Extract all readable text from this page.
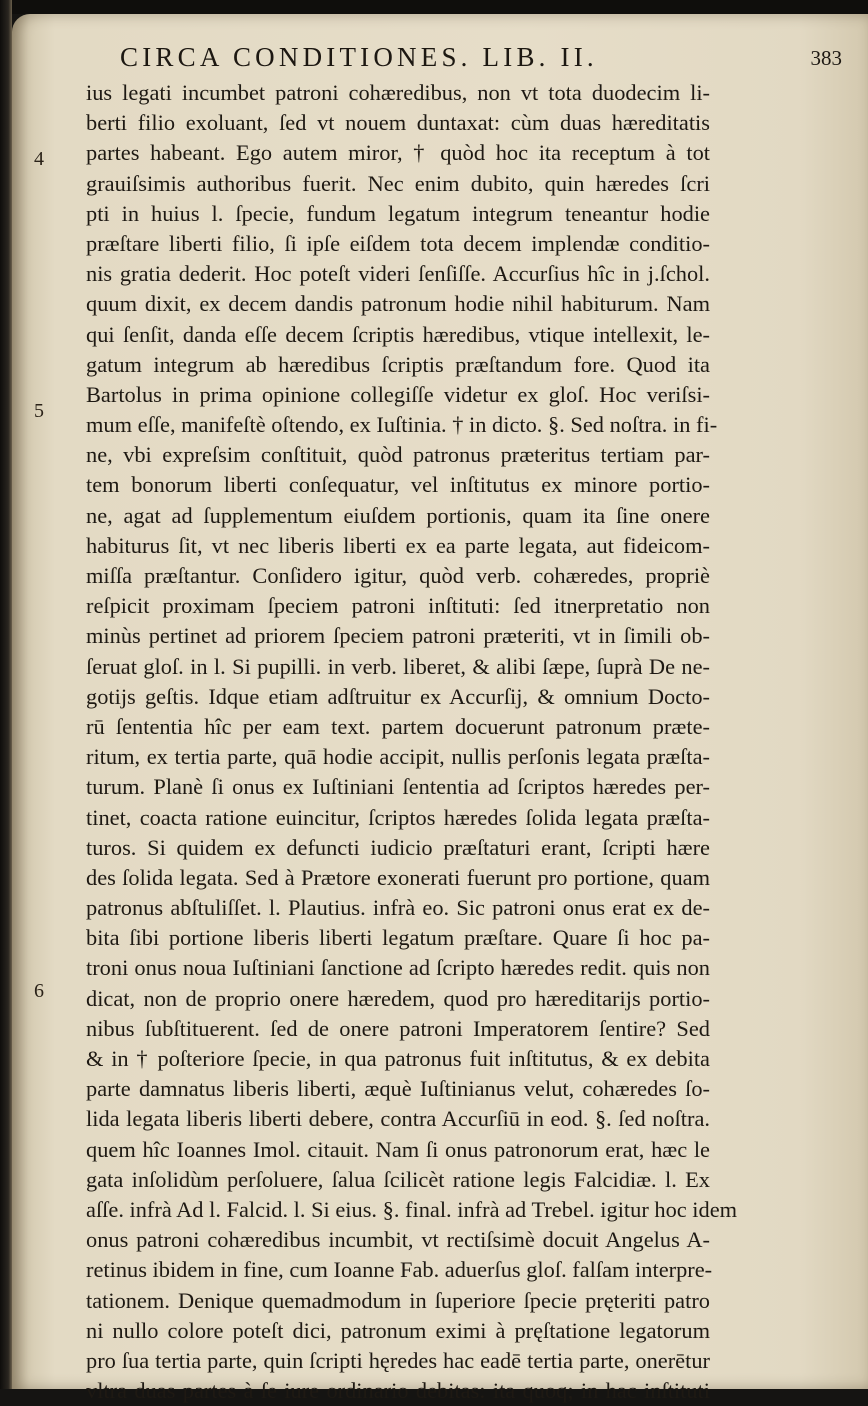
CIRCA CONDITIONES. LIB. II.	383
4
5
6
ius legati incumbet patroni cohæredibus, non vt tota duodecim li-
berti filio exoluant, ſed vt nouem duntaxat: cùm duas hæreditatis
partes habeant. Ego autem miror, † quòd hoc ita receptum à tot
grauiſsimis authoribus fuerit. Nec enim dubito, quin hæredes ſcri
pti in huius l. ſpecie, fundum legatum integrum teneantur hodie
præſtare liberti filio, ſi ipſe eiſdem tota decem implendæ conditio-
nis gratia dederit. Hoc poteſt videri ſenſiſſe. Accurſius hîc in j.ſchol.
quum dixit, ex decem dandis patronum hodie nihil habiturum. Nam
qui ſenſit, danda eſſe decem ſcriptis hæredibus, vtique intellexit, le-
gatum integrum ab hæredibus ſcriptis præſtandum fore. Quod ita
Bartolus in prima opinione collegiſſe videtur ex gloſ. Hoc veriſsi-
mum eſſe, manifeſtè oſtendo, ex Iuſtinia. † in dicto. §. Sed noſtra. in fi-
ne, vbi expreſsim conſtituit, quòd patronus præteritus tertiam par-
tem bonorum liberti conſequatur, vel inſtitutus ex minore portio-
ne, agat ad ſupplementum eiuſdem portionis, quam ita ſine onere
habiturus ſit, vt nec liberis liberti ex ea parte legata, aut fideicom-
miſſa præſtantur. Conſidero igitur, quòd verb. cohæredes, propriè
reſpicit proximam ſpeciem patroni inſtituti: ſed itnerpretatio non
minùs pertinet ad priorem ſpeciem patroni præteriti, vt in ſimili ob-
ſeruat gloſ. in l. Si pupilli. in verb. liberet, & alibi ſæpe, ſuprà De ne-
gotijs geſtis. Idque etiam adſtruitur ex Accurſij, & omnium Docto-
rū ſententia hîc per eam text. partem docuerunt patronum præte-
ritum, ex tertia parte, quā hodie accipit, nullis perſonis legata præſta-
turum. Planè ſi onus ex Iuſtiniani ſententia ad ſcriptos hæredes per-
tinet, coacta ratione euincitur, ſcriptos hæredes ſolida legata præſta-
turos. Si quidem ex defuncti iudicio præſtaturi erant, ſcripti hære
des ſolida legata. Sed à Prætore exonerati fuerunt pro portione, quam
patronus abſtuliſſet. l. Plautius. infrà eo. Sic patroni onus erat ex de-
bita ſibi portione liberis liberti legatum præſtare. Quare ſi hoc pa-
troni onus noua Iuſtiniani ſanctione ad ſcripto hæredes redit. quis non
dicat, non de proprio onere hæredem, quod pro hæreditarijs portio-
nibus ſubſtituerent. ſed de onere patroni Imperatorem ſentire? Sed
& in † poſteriore ſpecie, in qua patronus fuit inſtitutus, & ex debita
parte damnatus liberis liberti, æquè Iuſtinianus velut, cohæredes ſo-
lida legata liberis liberti debere, contra Accurſiū in eod. §. ſed noſtra.
quem hîc Ioannes Imol. citauit. Nam ſi onus patronorum erat, hæc le
gata inſolidùm perſoluere, ſalua ſcilicèt ratione legis Falcidiæ. l. Ex
aſſe. infrà Ad l. Falcid. l. Si eius. §. final. infrà ad Trebel. igitur hoc idem
onus patroni cohæredibus incumbit, vt rectiſsimè docuit Angelus A-
retinus ibidem in fine, cum Ioanne Fab. aduerſus gloſ. falſam interpre-
tationem. Denique quemadmodum in ſuperiore ſpecie pręteriti patro
ni nullo colore poteſt dici, patronum eximi à pręſtatione legatorum
pro ſua tertia parte, quin ſcripti hęredes hac eadē tertia parte, onerētur
vltra duas partes à ſe iure ordinario debitas: ita quoq; in hac inſtituti
